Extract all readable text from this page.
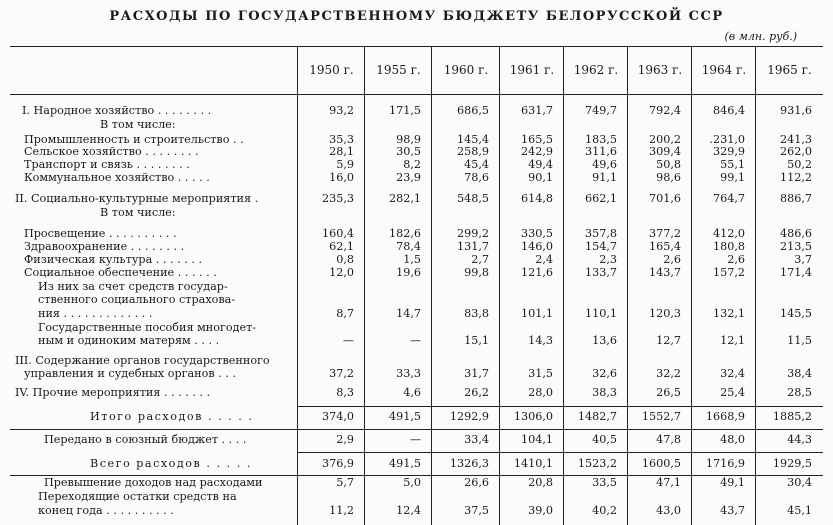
РАСХОДЫ ПО ГОСУДАРСТВЕННОМУ БЮДЖЕТУ БЕЛОРУССКОЙ ССР
(в млн. руб.)
1950 г.	1955 г.	1960 г.	1961 г.	1962 г.	1963 г.	1964 г.	1965 г.
I. Народное хозяйство . . . . . . . .	93,2	171,5	686,5	631,7	749,7	792,4	846,4	931,6
В том числе:
Промышленность и строительство . .	35,3	98,9	145,4	165,5	183,5	200,2	.231,0	241,3
Сельское хозяйство . . . . . . . .	28,1	30,5	258,9	242,9	311,6	309,4	329,9	262,0
Транспорт и связь . . . . . . . .	5,9	8,2	45,4	49,4	49,6	50,8	55,1	50,2
Коммунальное хозяйство . . . . .	16,0	23,9	78,6	90,1	91,1	98,6	99,1	112,2
II. Социально-культурные мероприятия .	235,3	282,1	548,5	614,8	662,1	701,6	764,7	886,7
В том числе:
Просвещение . . . . . . . . . .	160,4	182,6	299,2	330,5	357,8	377,2	412,0	486,6
Здравоохранение . . . . . . . .	62,1	78,4	131,7	146,0	154,7	165,4	180,8	213,5
Физическая культура . . . . . . .	0,8	1,5	2,7	2,4	2,3	2,6	2,6	3,7
Социальное обеспечение . . . . . .	12,0	19,6	99,8	121,6	133,7	143,7	157,2	171,4
Из них за счет средств государ-
ственного социального страхова-
ния . . . . . . . . . . . . .	8,7	14,7	83,8	101,1	110,1	120,3	132,1	145,5
Государственные пособия многодет-
ным и одиноким матерям . . . .	—	—	15,1	14,3	13,6	12,7	12,1	11,5
III. Содержание органов государственного
управления и судебных органов . . .	37,2	33,3	31,7	31,5	32,6	32,2	32,4	38,4
IV. Прочие мероприятия . . . . . . .	8,3	4,6	26,2	28,0	38,3	26,5	25,4	28,5
Итого расходов . . . . .	374,0	491,5	1292,9	1306,0	1482,7	1552,7	1668,9	1885,2
Передано в союзный бюджет . . . .	2,9	—	33,4	104,1	40,5	47,8	48,0	44,3
Всего расходов . . . . .	376,9	491,5	1326,3	1410,1	1523,2	1600,5	1716,9	1929,5
Превышение доходов над расходами	5,7	5,0	26,6	20,8	33,5	47,1	49,1	30,4
Переходящие остатки средств на
конец года . . . . . . . . . .	11,2	12,4	37,5	39,0	40,2	43,0	43,7	45,1
